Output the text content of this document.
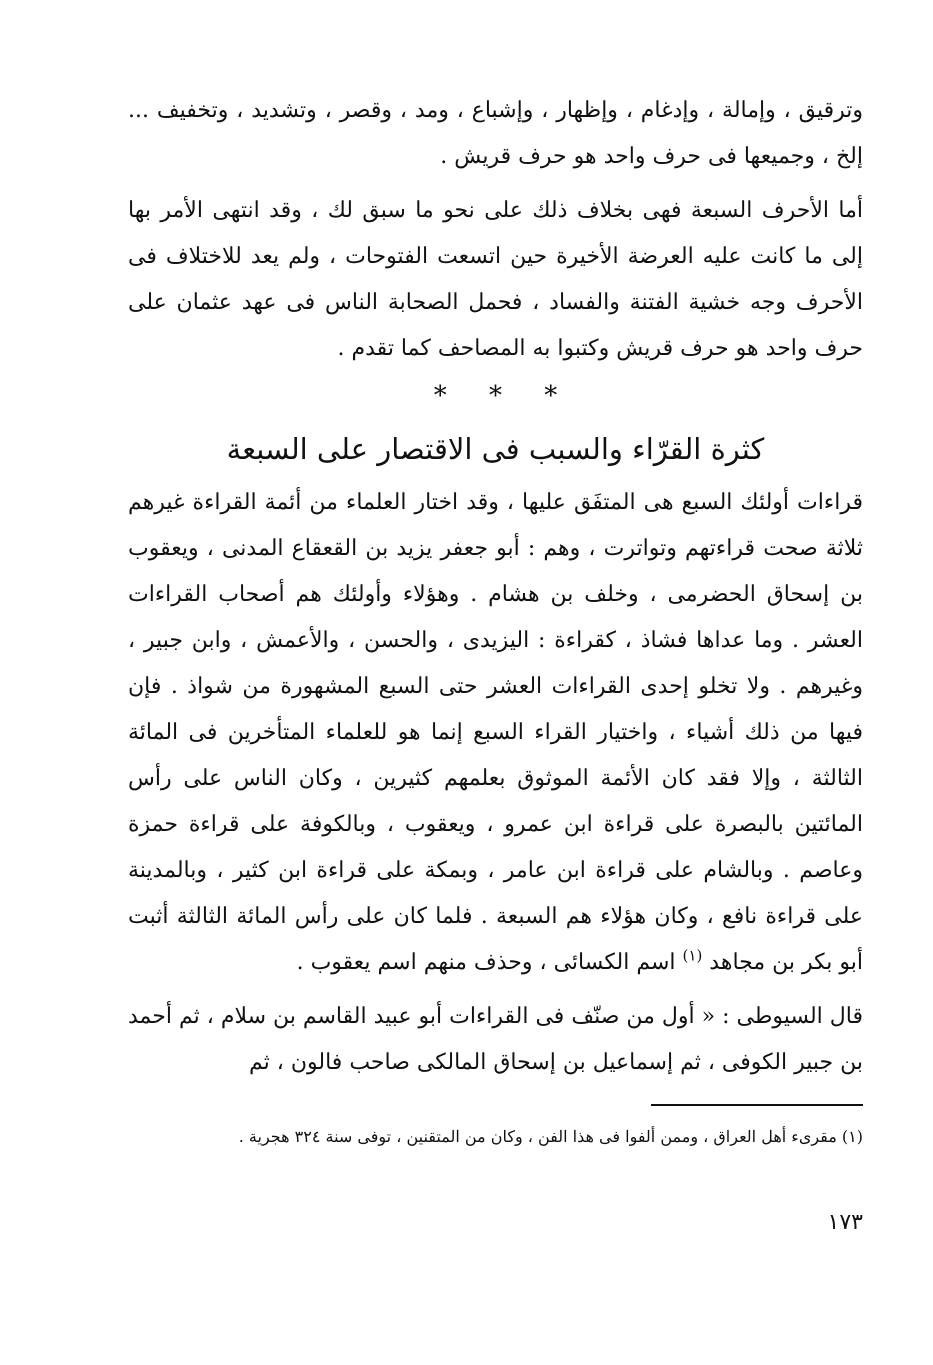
وترقيق ، وإمالة ، وإدغام ، وإظهار ، وإشباع ، ومد ، وقصر ، وتشديد ، وتخفيف ... إلخ ، وجميعها فى حرف واحد هو حرف قريش .

أما الأحرف السبعة فهى بخلاف ذلك على نحو ما سبق لك ، وقد انتهى الأمر بها إلى ما كانت عليه العرضة الأخيرة حين اتسعت الفتوحات ، ولم يعد للاختلاف فى الأحرف وجه خشية الفتنة والفساد ، فحمل الصحابة الناس فى عهد عثمان على حرف واحد هو حرف قريش وكتبوا به المصاحف كما تقدم .

* * *
كثرة القرّاء والسبب فى الاقتصار على السبعة

قراءات أولئك السبع هى المتفَق عليها ، وقد اختار العلماء من أئمة القراءة غيرهم ثلاثة صحت قراءتهم وتواترت ، وهم : أبو جعفر يزيد بن القعقاع المدنى ، ويعقوب بن إسحاق الحضرمى ، وخلف بن هشام . وهؤلاء وأولئك هم أصحاب القراءات العشر . وما عداها فشاذ ، كقراءة : اليزيدى ، والحسن ، والأعمش ، وابن جبير ، وغيرهم . ولا تخلو إحدى القراءات العشر حتى السبع المشهورة من شواذ . فإن فيها من ذلك أشياء ، واختيار القراء السبع إنما هو للعلماء المتأخرين فى المائة الثالثة ، وإلا فقد كان الأئمة الموثوق بعلمهم كثيرين ، وكان الناس على رأس المائتين بالبصرة على قراءة ابن عمرو ، ويعقوب ، وبالكوفة على قراءة حمزة وعاصم . وبالشام على قراءة ابن عامر ، وبمكة على قراءة ابن كثير ، وبالمدينة على قراءة نافع ، وكان هؤلاء هم السبعة . فلما كان على رأس المائة الثالثة أثبت أبو بكر بن مجاهد $^{(١)}$ اسم الكسائى ، وحذف منهم اسم يعقوب .

قال السيوطى : « أول من صنّف فى القراءات أبو عبيد القاسم بن سلام ، ثم أحمد بن جبير الكوفى ، ثم إسماعيل بن إسحاق المالكى صاحب فالون ، ثم

(١) مقرىء أهل العراق ، وممن ألفوا فى هذا الفن ، وكان من المتقنين ، توفى سنة ٣٢٤ هجرية .
١٧٣
